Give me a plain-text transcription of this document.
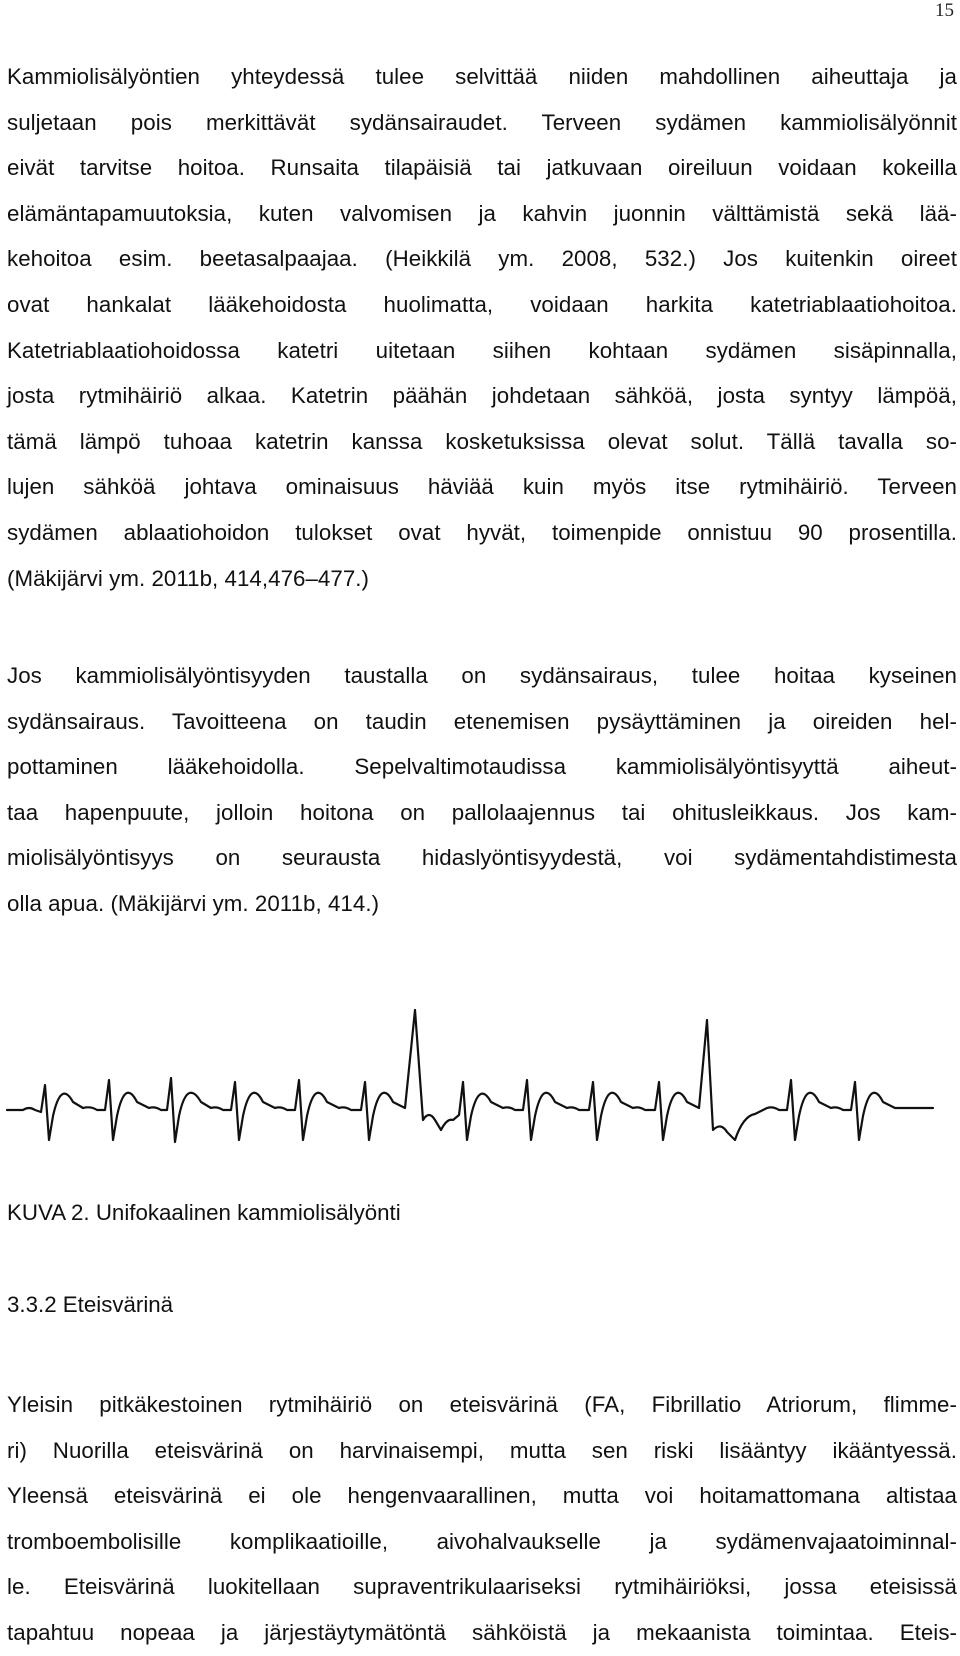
15
Kammiolisälyöntien yhteydessä tulee selvittää niiden mahdollinen aiheuttaja ja
suljetaan pois merkittävät sydänsairaudet. Terveen sydämen kammiolisälyönnit
eivät tarvitse hoitoa. Runsaita tilapäisiä tai jatkuvaan oireiluun voidaan kokeilla
elämäntapamuutoksia, kuten valvomisen ja kahvin juonnin välttämistä sekä lää-
kehoitoa esim. beetasalpaajaa. (Heikkilä ym. 2008, 532.) Jos kuitenkin oireet
ovat hankalat lääkehoidosta huolimatta, voidaan harkita katetriablaatiohoitoa.
Katetriablaatiohoidossa katetri uitetaan siihen kohtaan sydämen sisäpinnalla,
josta rytmihäiriö alkaa. Katetrin päähän johdetaan sähköä, josta syntyy lämpöä,
tämä lämpö tuhoaa katetrin kanssa kosketuksissa olevat solut. Tällä tavalla so-
lujen sähköä johtava ominaisuus häviää kuin myös itse rytmihäiriö. Terveen
sydämen ablaatiohoidon tulokset ovat hyvät, toimenpide onnistuu 90 prosentilla.
(Mäkijärvi ym. 2011b, 414,476–477.)
Jos kammiolisälyöntisyyden taustalla on sydänsairaus, tulee hoitaa kyseinen
sydänsairaus. Tavoitteena on taudin etenemisen pysäyttäminen ja oireiden hel-
pottaminen lääkehoidolla. Sepelvaltimotaudissa kammiolisälyöntisyyttä aiheut-
taa hapenpuute, jolloin hoitona on pallolaajennus tai ohitusleikkaus. Jos kam-
miolisälyöntisyys on seurausta hidaslyöntisyydestä, voi sydämentahdistimesta
olla apua. (Mäkijärvi ym. 2011b, 414.)

KUVA 2. Unifokaalinen kammiolisälyönti

3.3.2 Eteisvärinä
Yleisin pitkäkestoinen rytmihäiriö on eteisvärinä (FA, Fibrillatio Atriorum, flimme-
ri) Nuorilla eteisvärinä on harvinaisempi, mutta sen riski lisääntyy ikääntyessä.
Yleensä eteisvärinä ei ole hengenvaarallinen, mutta voi hoitamattomana altistaa
tromboembolisille komplikaatioille, aivohalvaukselle ja sydämenvajaatoiminnal-
le. Eteisvärinä luokitellaan supraventrikulaariseksi rytmihäiriöksi, jossa eteisissä
tapahtuu nopeaa ja järjestäytymätöntä sähköistä ja mekaanista toimintaa. Eteis-
